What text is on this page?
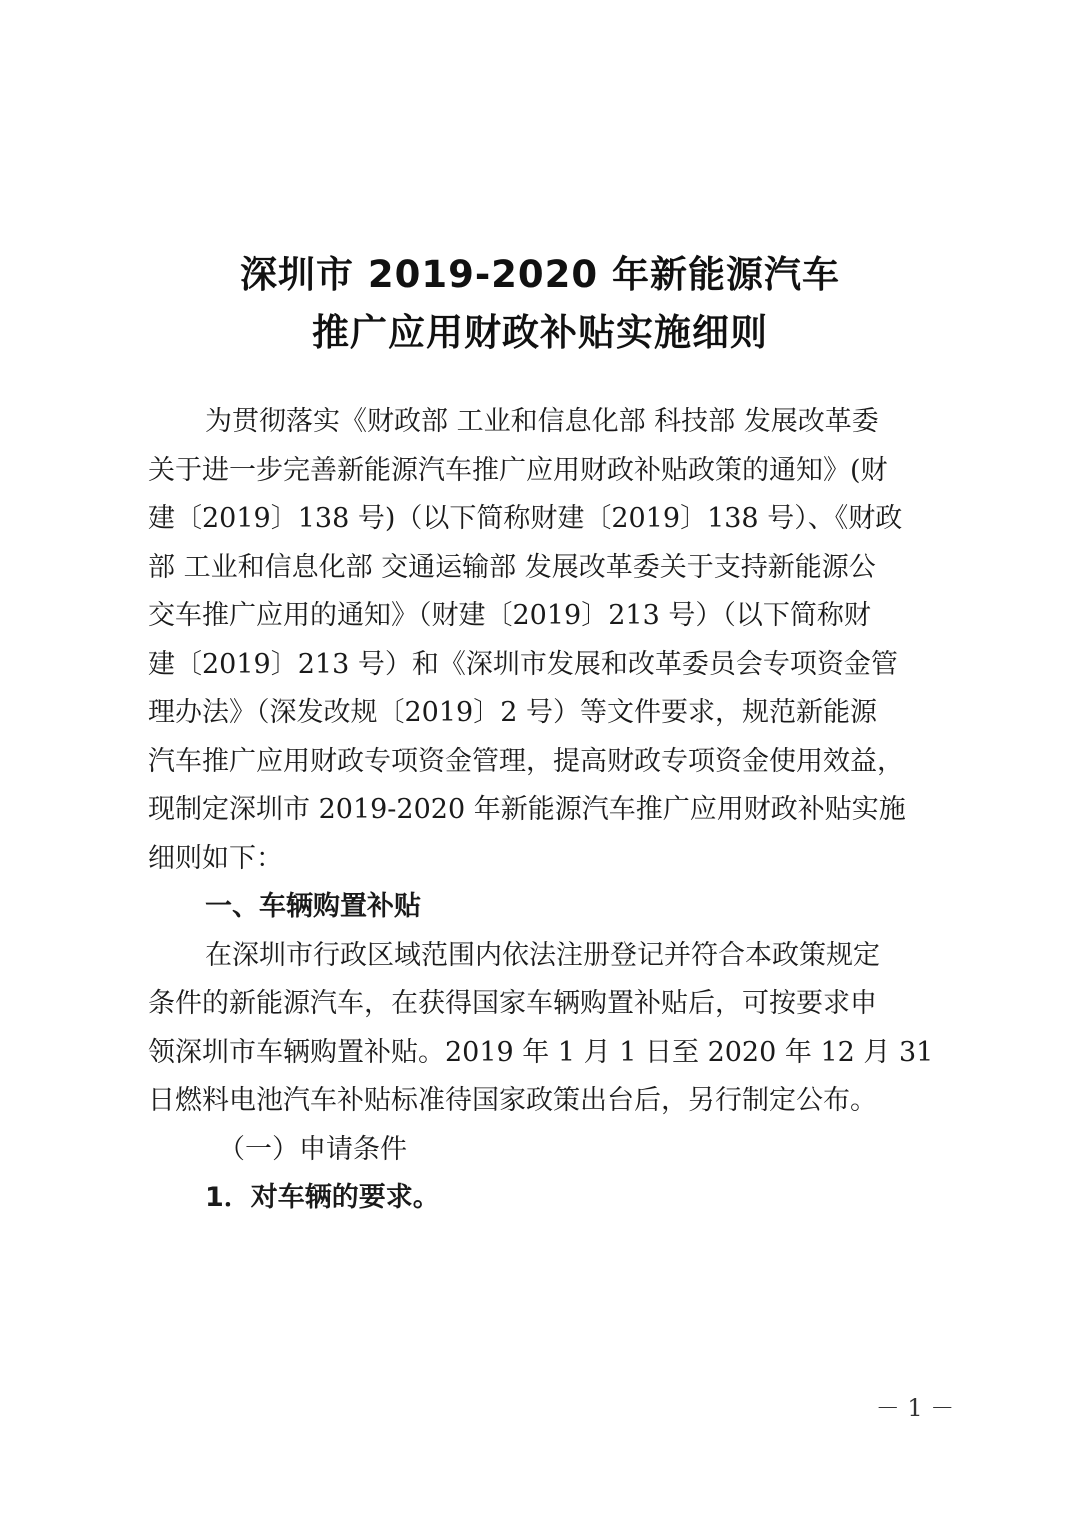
深圳市 2019-2020 年新能源汽车
推广应用财政补贴实施细则
为贯彻落实《财政部 工业和信息化部 科技部 发展改革委
关于进一步完善新能源汽车推广应用财政补贴政策的通知》(财
建〔2019〕138 号)（以下简称财建〔2019〕138 号）、《财政
部 工业和信息化部 交通运输部 发展改革委关于支持新能源公
交车推广应用的通知》（财建〔2019〕213 号）（以下简称财
建〔2019〕213 号）和《深圳市发展和改革委员会专项资金管
理办法》（深发改规〔2019〕2 号）等文件要求，规范新能源
汽车推广应用财政专项资金管理，提高财政专项资金使用效益，
现制定深圳市 2019-2020 年新能源汽车推广应用财政补贴实施
细则如下：
一、车辆购置补贴
在深圳市行政区域范围内依法注册登记并符合本政策规定
条件的新能源汽车，在获得国家车辆购置补贴后，可按要求申
领深圳市车辆购置补贴。2019 年 1 月 1 日至 2020 年 12 月 31
日燃料电池汽车补贴标准待国家政策出台后，另行制定公布。
（一）申请条件
1．对车辆的要求。
－ 1 －
